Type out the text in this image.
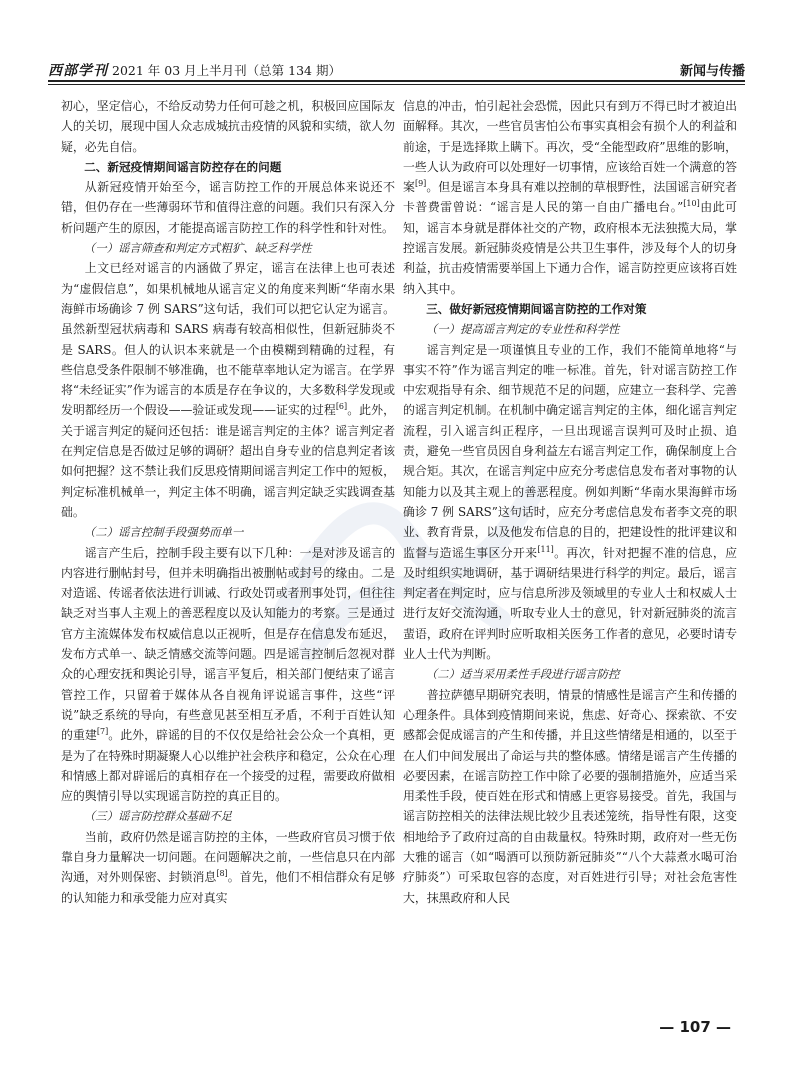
西部学刊 2021 年 03 月上半月刊（总第 134 期）	新闻与传播

初心，坚定信心，不给反动势力任何可趁之机，积极回应国际友人的关切，展现中国人众志成城抗击疫情的风貌和实绩，欲人勿疑，必先自信。

二、新冠疫情期间谣言防控存在的问题

从新冠疫情开始至今，谣言防控工作的开展总体来说还不错，但仍存在一些薄弱环节和值得注意的问题。我们只有深入分析问题产生的原因，才能提高谣言防控工作的科学性和针对性。

（一）谣言筛查和判定方式粗犷、缺乏科学性

上文已经对谣言的内涵做了界定，谣言在法律上也可表述为“虚假信息”，如果机械地从谣言定义的角度来判断“华南水果海鲜市场确诊 7 例 SARS”这句话，我们可以把它认定为谣言。虽然新型冠状病毒和 SARS 病毒有较高相似性，但新冠肺炎不是 SARS。但人的认识本来就是一个由模糊到精确的过程，有些信息受条件限制不够准确，也不能草率地认定为谣言。在学界将“未经证实”作为谣言的本质是存在争议的，大多数科学发现或发明都经历一个假设——验证或发现——证实的过程[6]。此外，关于谣言判定的疑问还包括：谁是谣言判定的主体？谣言判定者在判定信息是否做过足够的调研？超出自身专业的信息判定者该如何把握？这不禁让我们反思疫情期间谣言判定工作中的短板，判定标准机械单一，判定主体不明确，谣言判定缺乏实践调查基础。

（二）谣言控制手段强势而单一

谣言产生后，控制手段主要有以下几种：一是对涉及谣言的内容进行删帖封号，但并未明确指出被删帖或封号的缘由。二是对造谣、传谣者依法进行训诫、行政处罚或者刑事处罚，但往往缺乏对当事人主观上的善恶程度以及认知能力的考察。三是通过官方主流媒体发布权威信息以正视听，但是存在信息发布延迟，发布方式单一、缺乏情感交流等问题。四是谣言控制后忽视对群众的心理安抚和舆论引导，谣言平复后，相关部门便结束了谣言管控工作，只留着于媒体从各自视角评说谣言事件，这些“评说”缺乏系统的导向，有些意见甚至相互矛盾，不利于百姓认知的重建[7]。此外，辟谣的目的不仅仅是给社会公众一个真相，更是为了在特殊时期凝聚人心以维护社会秩序和稳定，公众在心理和情感上都对辟谣后的真相存在一个接受的过程，需要政府做相应的舆情引导以实现谣言防控的真正目的。

（三）谣言防控群众基础不足

当前，政府仍然是谣言防控的主体，一些政府官员习惯于依靠自身力量解决一切问题。在问题解决之前，一些信息只在内部沟通，对外则保密、封锁消息[8]。首先，他们不相信群众有足够的认知能力和承受能力应对真实

信息的冲击，怕引起社会恐慌，因此只有到万不得已时才被迫出面解释。其次，一些官员害怕公布事实真相会有损个人的利益和前途，于是选择欺上瞒下。再次，受“全能型政府”思维的影响，一些人认为政府可以处理好一切事情，应该给百姓一个满意的答案[9]。但是谣言本身具有难以控制的草根野性，法国谣言研究者卡普费雷曾说：“谣言是人民的第一自由广播电台。”[10]由此可知，谣言本身就是群体社交的产物，政府根本无法独揽大局，掌控谣言发展。新冠肺炎疫情是公共卫生事件，涉及每个人的切身利益，抗击疫情需要举国上下通力合作，谣言防控更应该将百姓纳入其中。

三、做好新冠疫情期间谣言防控的工作对策

（一）提高谣言判定的专业性和科学性

谣言判定是一项谨慎且专业的工作，我们不能简单地将“与事实不符”作为谣言判定的唯一标准。首先，针对谣言防控工作中宏观指导有余、细节规范不足的问题，应建立一套科学、完善的谣言判定机制。在机制中确定谣言判定的主体，细化谣言判定流程，引入谣言纠正程序，一旦出现谣言误判可及时止损、追责，避免一些官员因自身利益左右谣言判定工作，确保制度上合规合矩。其次，在谣言判定中应充分考虑信息发布者对事物的认知能力以及其主观上的善恶程度。例如判断“华南水果海鲜市场确诊 7 例 SARS”这句话时，应充分考虑信息发布者李文亮的职业、教育背景，以及他发布信息的目的，把建设性的批评建议和监督与造谣生事区分开来[11]。再次，针对把握不准的信息，应及时组织实地调研，基于调研结果进行科学的判定。最后，谣言判定者在判定时，应与信息所涉及领域里的专业人士和权威人士进行友好交流沟通，听取专业人士的意见，针对新冠肺炎的流言蜚语，政府在评判时应听取相关医务工作者的意见，必要时请专业人士代为判断。

（二）适当采用柔性手段进行谣言防控

普拉萨德早期研究表明，情景的情感性是谣言产生和传播的心理条件。具体到疫情期间来说，焦虑、好奇心、探索欲、不安感都会促成谣言的产生和传播，并且这些情绪是相通的，以至于在人们中间发展出了命运与共的整体感。情绪是谣言产生传播的必要因素，在谣言防控工作中除了必要的强制措施外，应适当采用柔性手段，使百姓在形式和情感上更容易接受。首先，我国与谣言防控相关的法律法规比较少且表述笼统，指导性有限，这变相地给予了政府过高的自由裁量权。特殊时期，政府对一些无伤大雅的谣言（如“喝酒可以预防新冠肺炎”“八个大蒜煮水喝可治疗肺炎”）可采取包容的态度，对百姓进行引导；对社会危害性大，抹黑政府和人民

— 107 —
